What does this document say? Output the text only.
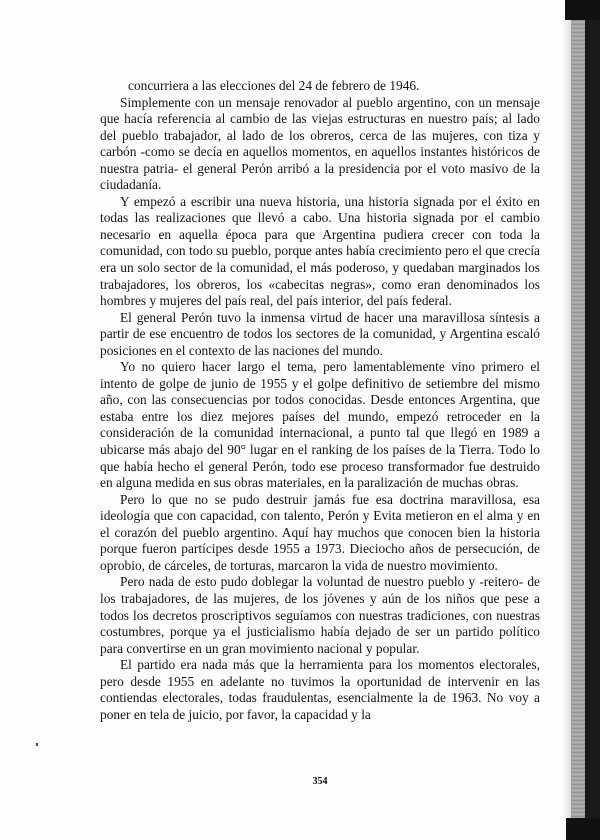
concurriera a las elecciones del 24 de febrero de 1946.

Simplemente con un mensaje renovador al pueblo argentino, con un mensaje que hacía referencia al cambio de las viejas estructuras en nuestro país; al lado del pueblo trabajador, al lado de los obreros, cerca de las mujeres, con tiza y carbón -como se decía en aquellos momentos, en aquellos instantes históricos de nuestra patria- el general Perón arribó a la presidencia por el voto masivo de la ciudadanía.

Y empezó a escribir una nueva historia, una historia signada por el éxito en todas las realizaciones que llevó a cabo. Una historia signada por el cambio necesario en aquella época para que Argentina pudiera crecer con toda la comunidad, con todo su pueblo, porque antes había crecimiento pero el que crecía era un solo sector de la comunidad, el más poderoso, y quedaban marginados los trabajadores, los obreros, los «cabecitas negras», como eran denominados los hombres y mujeres del país real, del país interior, del país federal.

El general Perón tuvo la inmensa virtud de hacer una maravillosa síntesis a partir de ese encuentro de todos los sectores de la comunidad, y Argentina escaló posiciones en el contexto de las naciones del mundo.

Yo no quiero hacer largo el tema, pero lamentablemente vino primero el intento de golpe de junio de 1955 y el golpe definitivo de setiembre del mismo año, con las consecuencias por todos conocidas. Desde entonces Argentina, que estaba entre los diez mejores países del mundo, empezó retroceder en la consideración de la comunidad internacional, a punto tal que llegó en 1989 a ubicarse más abajo del 90° lugar en el ranking de los países de la Tierra. Todo lo que había hecho el general Perón, todo ese proceso transformador fue destruido en alguna medida en sus obras materiales, en la paralización de muchas obras.

Pero lo que no se pudo destruir jamás fue esa doctrina maravillosa, esa ideología que con capacidad, con talento, Perón y Evita metieron en el alma y en el corazón del pueblo argentino. Aquí hay muchos que conocen bien la historia porque fueron partícipes desde 1955 a 1973. Dieciocho años de persecución, de oprobio, de cárceles, de torturas, marcaron la vida de nuestro movimiento.

Pero nada de esto pudo doblegar la voluntad de nuestro pueblo y -reitero- de los trabajadores, de las mujeres, de los jóvenes y aún de los niños que pese a todos los decretos proscriptivos seguíamos con nuestras tradiciones, con nuestras costumbres, porque ya el justicialismo había dejado de ser un partido político para convertirse en un gran movimiento nacional y popular.

El partido era nada más que la herramienta para los momentos electorales, pero desde 1955 en adelante no tuvimos la oportunidad de intervenir en las contiendas electorales, todas fraudulentas, esencialmente la de 1963. No voy a poner en tela de juicio, por favor, la capacidad y la

354
